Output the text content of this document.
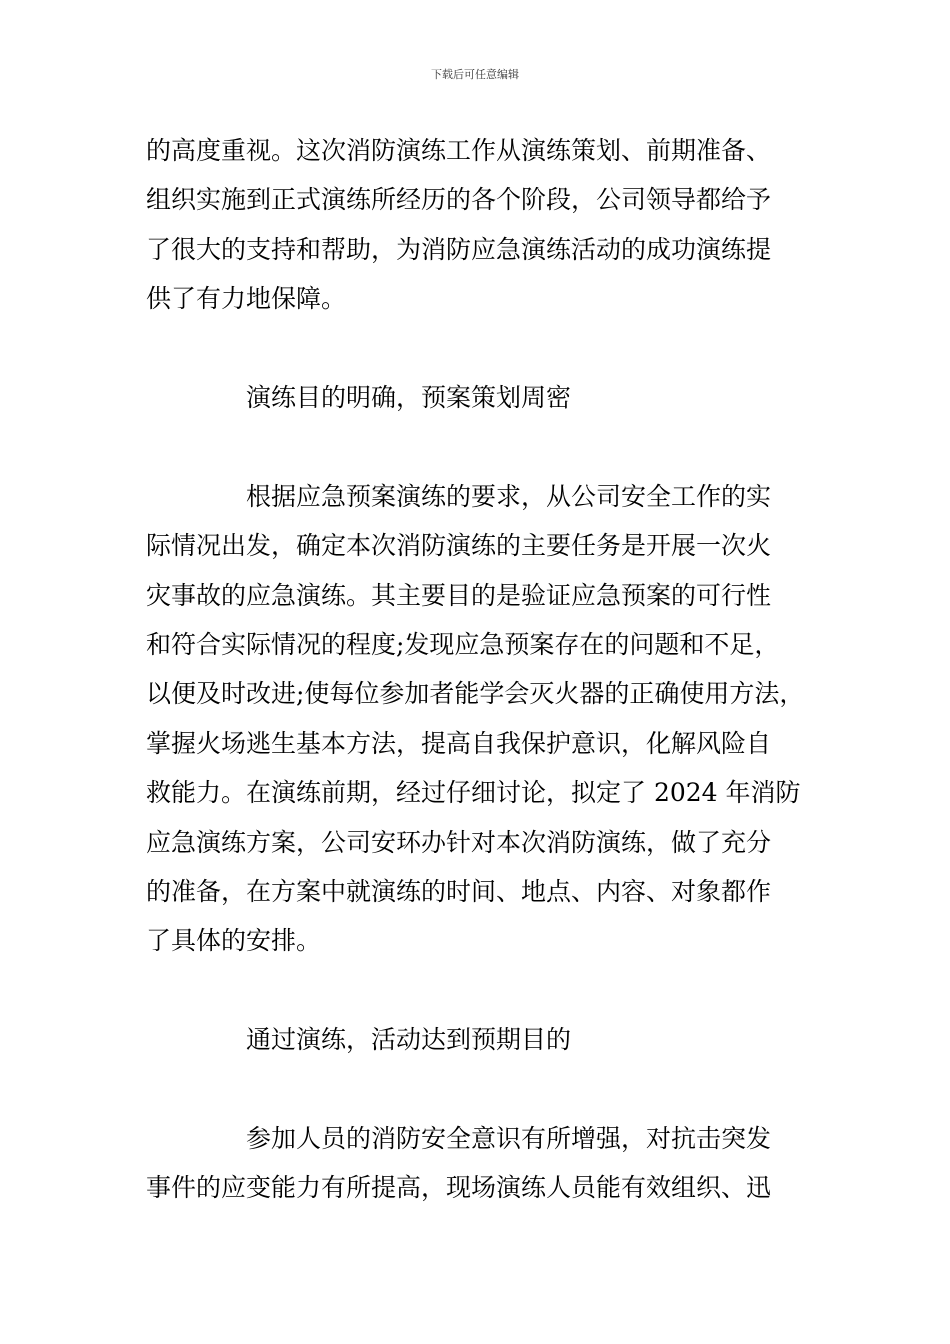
下载后可任意编辑

的高度重视。这次消防演练工作从演练策划、前期准备、
组织实施到正式演练所经历的各个阶段，公司领导都给予
了很大的支持和帮助，为消防应急演练活动的成功演练提
供了有力地保障。

演练目的明确，预案策划周密

根据应急预案演练的要求，从公司安全工作的实
际情况出发，确定本次消防演练的主要任务是开展一次火
灾事故的应急演练。其主要目的是验证应急预案的可行性
和符合实际情况的程度;发现应急预案存在的问题和不足，
以便及时改进;使每位参加者能学会灭火器的正确使用方法，
掌握火场逃生基本方法，提高自我保护意识，化解风险自
救能力。在演练前期，经过仔细讨论，拟定了 2024 年消防
应急演练方案，公司安环办针对本次消防演练，做了充分
的准备，在方案中就演练的时间、地点、内容、对象都作
了具体的安排。

通过演练，活动达到预期目的

参加人员的消防安全意识有所增强，对抗击突发
事件的应变能力有所提高，现场演练人员能有效组织、迅
